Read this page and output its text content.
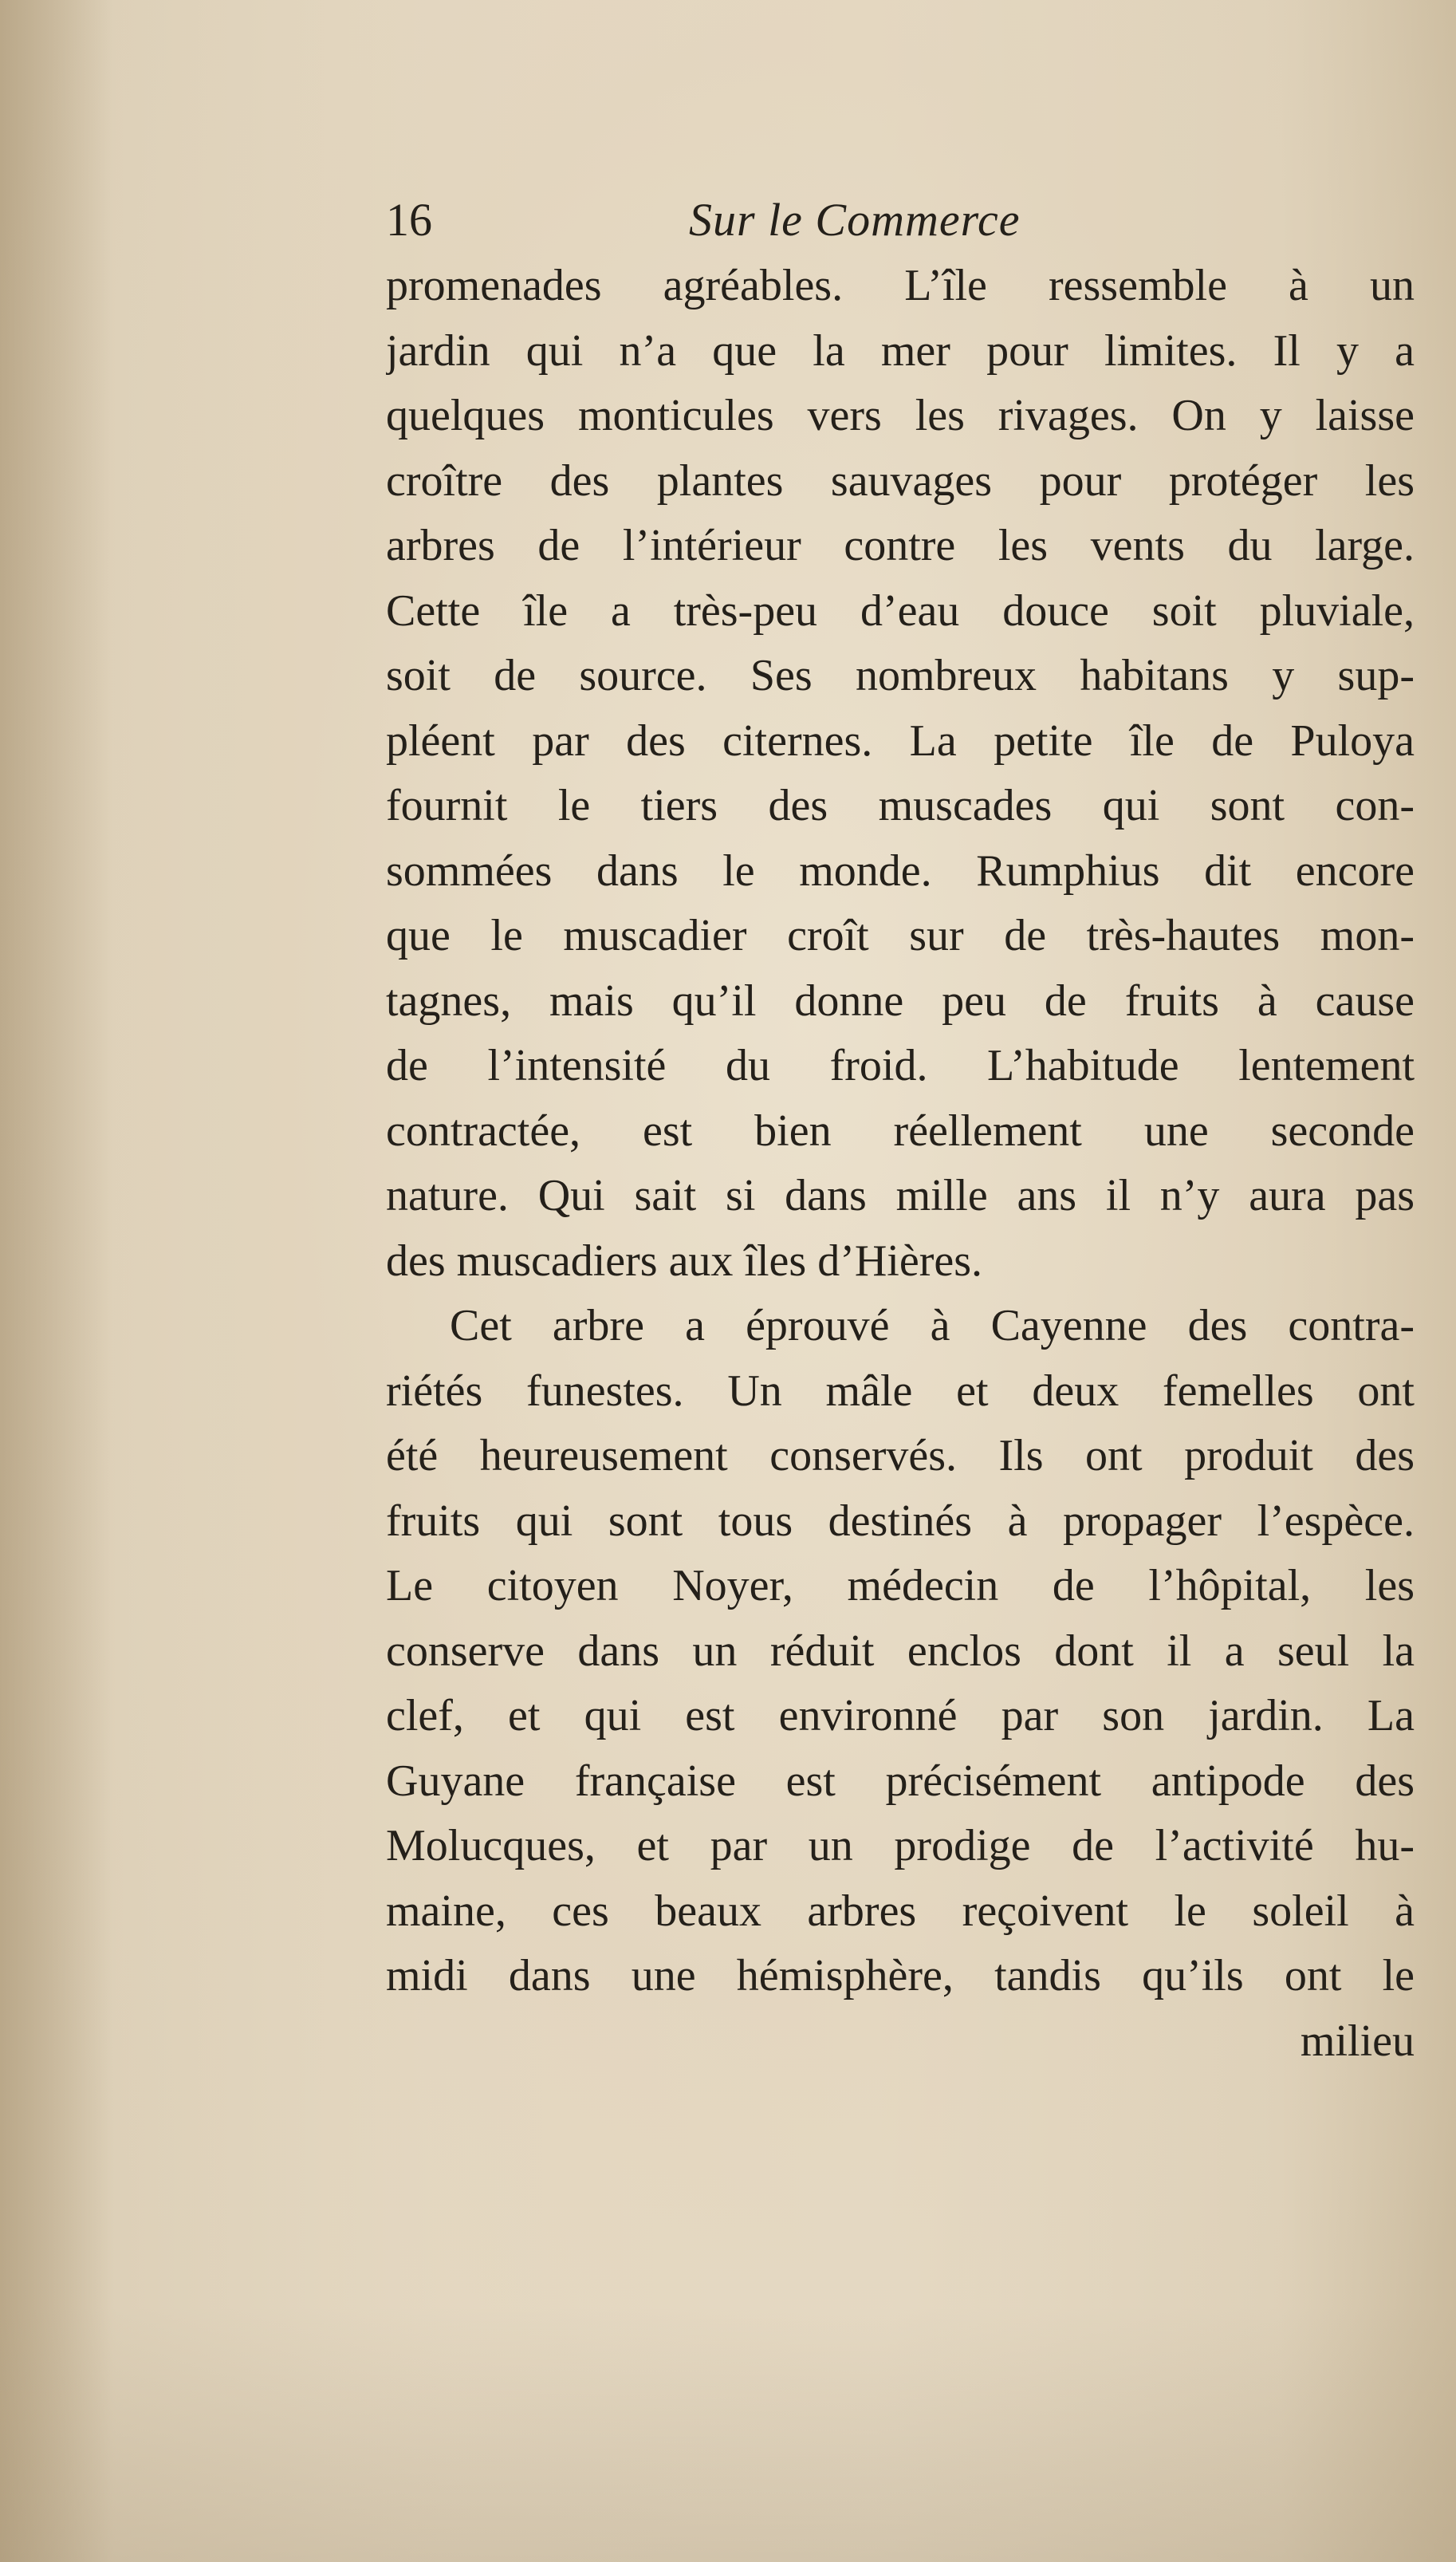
16	Sur le Commerce
promenades agréables. L’île ressemble à un
jardin qui n’a que la mer pour limites. Il y a
quelques monticules vers les rivages. On y laisse
croître des plantes sauvages pour protéger les
arbres de l’intérieur contre les vents du large.
Cette île a très-peu d’eau douce soit pluviale,
soit de source. Ses nombreux habitans y sup-
pléent par des citernes. La petite île de Puloya
fournit le tiers des muscades qui sont con-
sommées dans le monde. Rumphius dit encore
que le muscadier croît sur de très-hautes mon-
tagnes, mais qu’il donne peu de fruits à cause
de l’intensité du froid. L’habitude lentement
contractée, est bien réellement une seconde
nature. Qui sait si dans mille ans il n’y aura pas
des muscadiers aux îles d’Hières.
Cet arbre a éprouvé à Cayenne des contra-
riétés funestes. Un mâle et deux femelles ont
été heureusement conservés. Ils ont produit des
fruits qui sont tous destinés à propager l’espèce.
Le citoyen Noyer, médecin de l’hôpital, les
conserve dans un réduit enclos dont il a seul la
clef, et qui est environné par son jardin. La
Guyane française est précisément antipode des
Molucques, et par un prodige de l’activité hu-
maine, ces beaux arbres reçoivent le soleil à
midi dans une hémisphère, tandis qu’ils ont le
milieu
